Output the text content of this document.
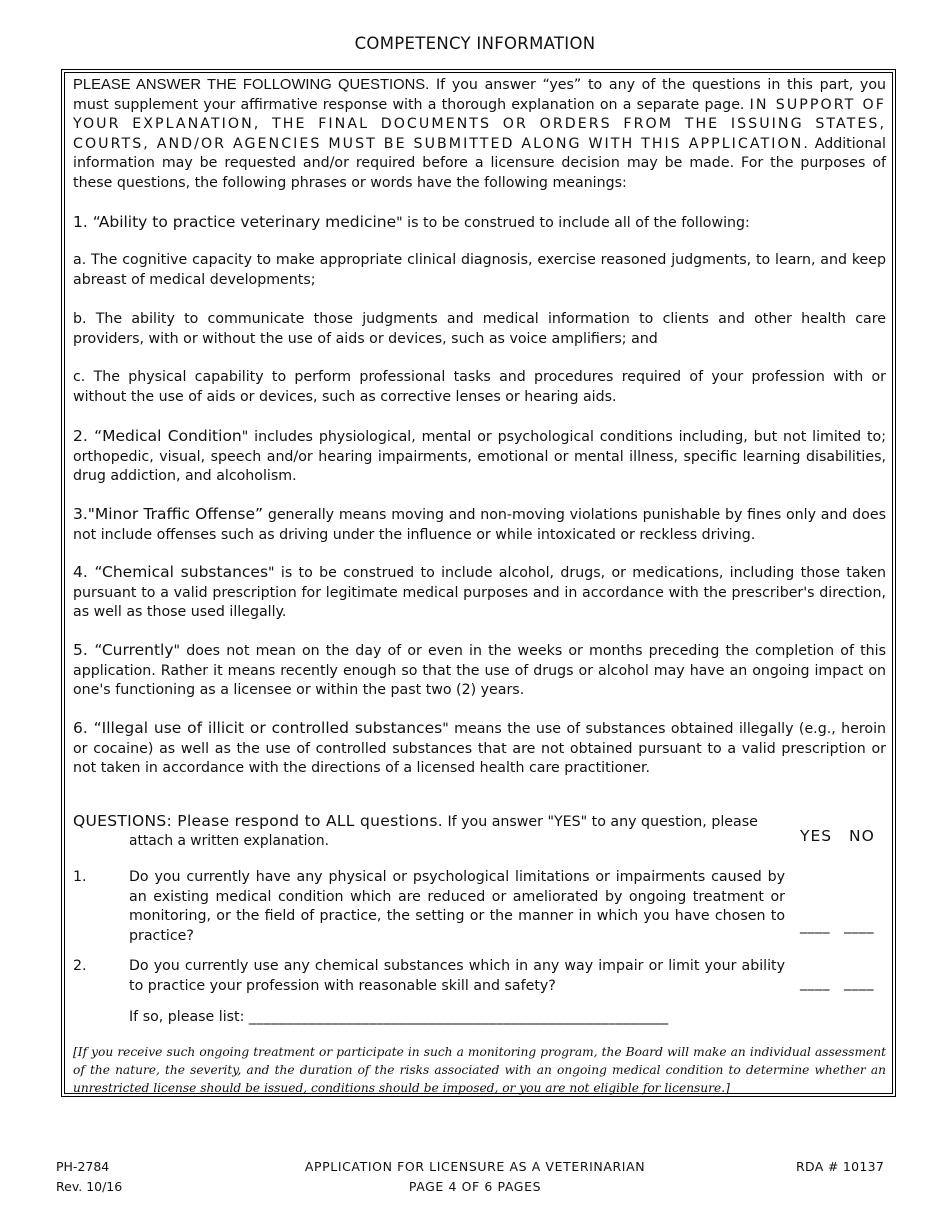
COMPETENCY INFORMATION

PLEASE ANSWER THE FOLLOWING QUESTIONS. If you answer “yes” to any of the questions in this part, you must supplement your affirmative response with a thorough explanation on a separate page. IN SUPPORT OF YOUR EXPLANATION, THE FINAL DOCUMENTS OR ORDERS FROM THE ISSUING STATES, COURTS, AND/OR AGENCIES MUST BE SUBMITTED ALONG WITH THIS APPLICATION. Additional information may be requested and/or required before a licensure decision may be made. For the purposes of these questions, the following phrases or words have the following meanings:

1. “Ability to practice veterinary medicine" is to be construed to include all of the following:

a. The cognitive capacity to make appropriate clinical diagnosis, exercise reasoned judgments, to learn, and keep abreast of medical developments;

b. The ability to communicate those judgments and medical information to clients and other health care providers, with or without the use of aids or devices, such as voice amplifiers; and

c. The physical capability to perform professional tasks and procedures required of your profession with or without the use of aids or devices, such as corrective lenses or hearing aids.

2. “Medical Condition" includes physiological, mental or psychological conditions including, but not limited to; orthopedic, visual, speech and/or hearing impairments, emotional or mental illness, specific learning disabilities, drug addiction, and alcoholism.

3."Minor Traffic Offense” generally means moving and non-moving violations punishable by fines only and does not include offenses such as driving under the influence or while intoxicated or reckless driving.

4. “Chemical substances" is to be construed to include alcohol, drugs, or medications, including those taken pursuant to a valid prescription for legitimate medical purposes and in accordance with the prescriber's direction, as well as those used illegally.

5. “Currently" does not mean on the day of or even in the weeks or months preceding the completion of this application. Rather it means recently enough so that the use of drugs or alcohol may have an ongoing impact on one's functioning as a licensee or within the past two (2) years.

6. “Illegal use of illicit or controlled substances" means the use of substances obtained illegally (e.g., heroin or cocaine) as well as the use of controlled substances that are not obtained pursuant to a valid prescription or not taken in accordance with the directions of a licensed health care practitioner.

QUESTIONS: Please respond to ALL questions. If you answer "YES" to any question, please
attach a written explanation.	YES NO
1.	Do you currently have any physical or psychological limitations or impairments caused by an existing medical condition which are reduced or ameliorated by ongoing treatment or monitoring, or the field of practice, the setting or the manner in which you have chosen to practice?
____ ____
2.	Do you currently use any chemical substances which in any way impair or limit your ability to practice your profession with reasonable skill and safety?	____ ____
If so, please list: ________________________________________________________
[If you receive such ongoing treatment or participate in such a monitoring program, the Board will make an individual assessment of the nature, the severity, and the duration of the risks associated with an ongoing medical condition to determine whether an unrestricted license should be issued, conditions should be imposed, or you are not eligible for licensure.]
PH-2784
Rev. 10/16
APPLICATION FOR LICENSURE AS A VETERINARIAN
PAGE 4 OF 6 PAGES
RDA # 10137
